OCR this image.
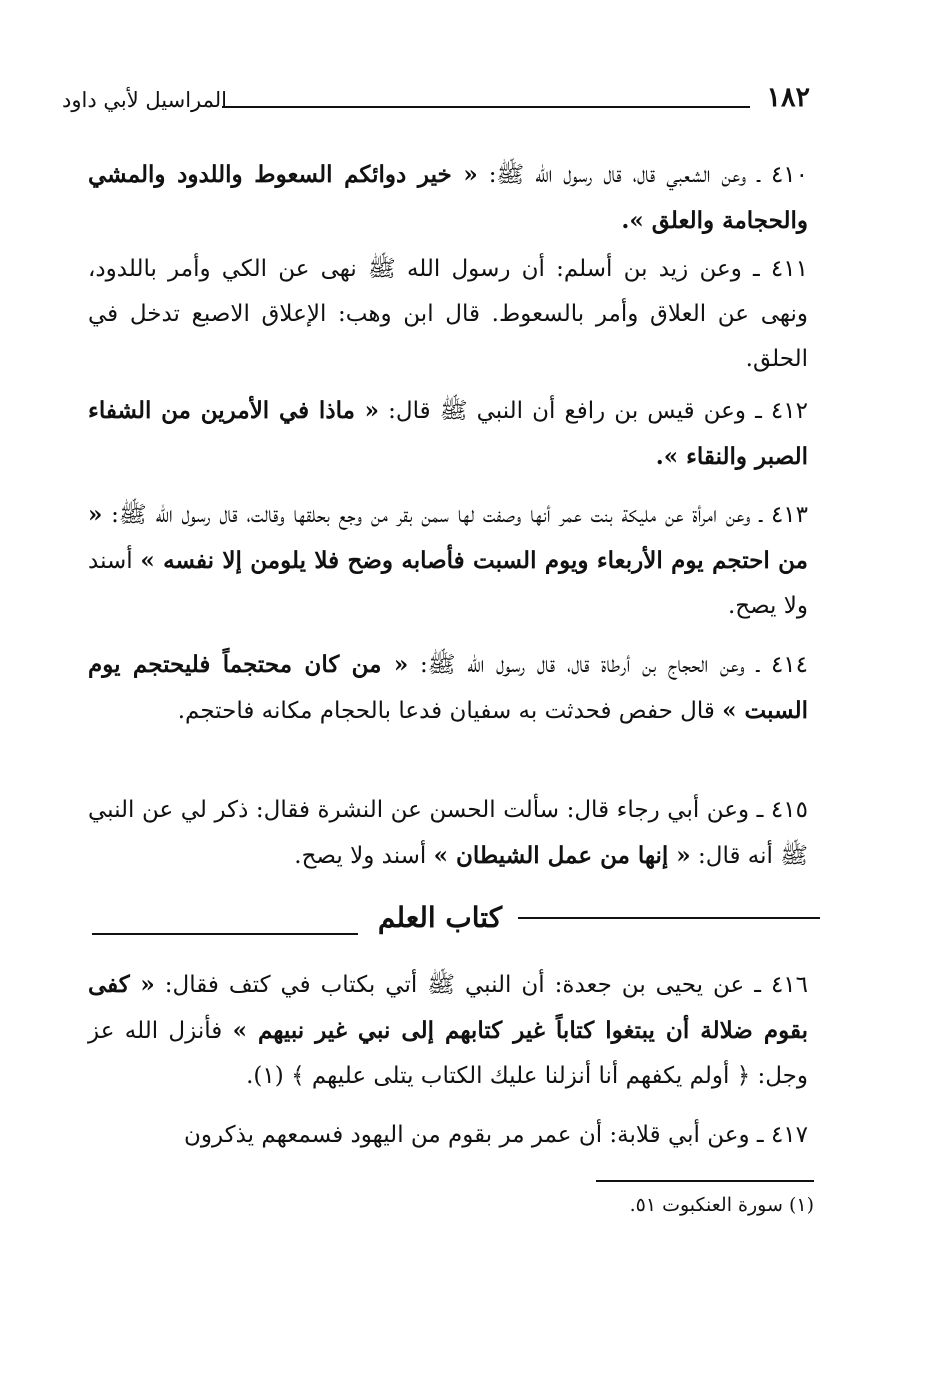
المراسيل لأبي داود	١٨٢
٤١٠ ـ وعن الشعبي قال، قال رسول الله ﷺ: « خير دوائكم السعوط واللدود والمشي والحجامة والعلق ».
٤١١ ـ وعن زيد بن أسلم: أن رسول الله ﷺ نهى عن الكي وأمر باللدود، ونهى عن العلاق وأمر بالسعوط. قال ابن وهب: الإعلاق الاصبع تدخل في الحلق.
٤١٢ ـ وعن قيس بن رافع أن النبي ﷺ قال: « ماذا في الأمرين من الشفاء الصبر والنقاء ».
٤١٣ ـ وعن امرأة عن مليكة بنت عمر أنها وصفت لها سمن بقر من وجع بحلقها وقالت، قال رسول الله ﷺ: « من احتجم يوم الأربعاء ويوم السبت فأصابه وضح فلا يلومن إلا نفسه » أسند ولا يصح.
٤١٤ ـ وعن الحجاج بن أرطاة قال، قال رسول الله ﷺ: « من كان محتجماً فليحتجم يوم السبت » قال حفص فحدثت به سفيان فدعا بالحجام مكانه فاحتجم.
٤١٥ ـ وعن أبي رجاء قال: سألت الحسن عن النشرة فقال: ذكر لي عن النبي ﷺ أنه قال: « إنها من عمل الشيطان » أسند ولا يصح.
كتاب العلم
٤١٦ ـ عن يحيى بن جعدة: أن النبي ﷺ أتي بكتاب في كتف فقال: « كفى بقوم ضلالة أن يبتغوا كتاباً غير كتابهم إلى نبي غير نبيهم » فأنزل الله عز وجل: ﴿ أولم يكفهم أنا أنزلنا عليك الكتاب يتلى عليهم ﴾ (١).
٤١٧ ـ وعن أبي قلابة: أن عمر مر بقوم من اليهود فسمعهم يذكرون
(١) سورة العنكبوت ٥١.
